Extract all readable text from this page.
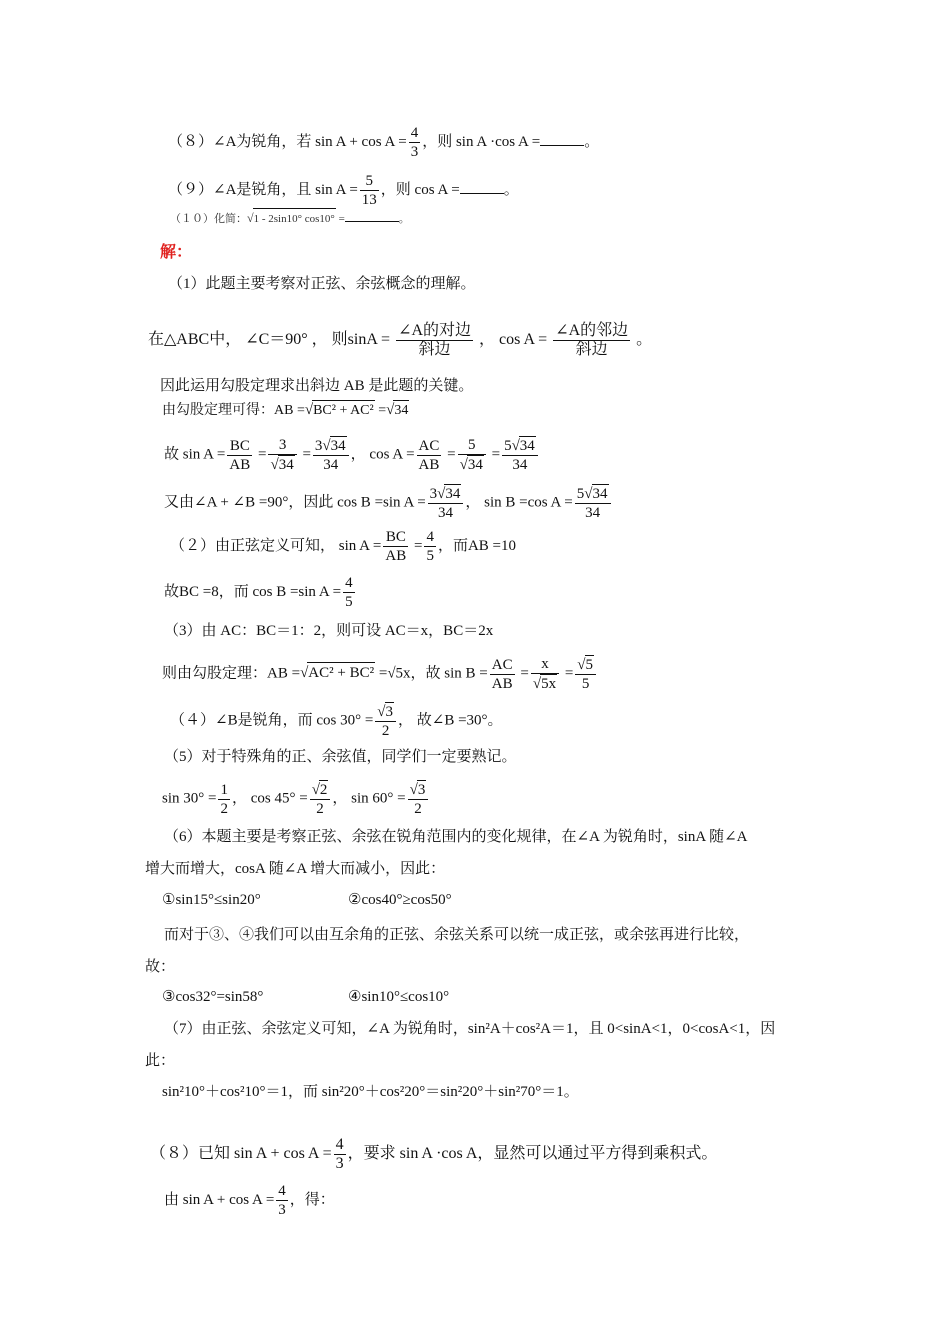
（８）∠A为锐角，若 $\sin A + \cos A = \frac{4}{3}$ ，则 sin A ·cos A =	。
（９）∠A是锐角，且 $\sin A = \frac{5}{13}$ ，则 cos A =	。
（１０）化简：√1 - 2sin10° cos10° =	。
解：
（1）此题主要考察对正弦、余弦概念的理解。
在△ABC中， ∠C＝90° ， 则$\sin A = \frac{\text{∠A的对边}}{\text{斜边}}$ ， $\cos A = \frac{\text{∠A的邻边}}{\text{斜边}}$ 。
因此运用勾股定理求出斜边 AB 是此题的关键。
由勾股定理可得：AB =√BC² + AC² =√34
故 $\sin A = \frac{BC}{AB} = \frac{3}{√34} = \frac{3√34}{34}$ ， $\cos A = \frac{AC}{AB} = \frac{5}{√34} = \frac{5√34}{34}$
又由∠A + ∠B =90°，因此 cos B =sin $A = \frac{3√34}{34}$ ， sin B =cos $A = \frac{5√34}{34}$
（２）由正弦定义可知， $\sin A = \frac{BC}{AB} = \frac{4}{5}$ ，而AB =10
故BC =8，而 cos B =sin $A = \frac{4}{5}$
（3）由 AC：BC＝1：2，则可设 AC＝x，BC＝2x
则由勾股定理：AB =√AC² + BC² =√5x，故 $\sin B = \frac{AC}{AB} = \frac{x}{√5x} = \frac{√5}{5}$
（４）∠B是锐角，而 $\cos 30^\circ = \frac{√3}{2}$ ， 故∠B =30°。
（5）对于特殊角的正、余弦值，同学们一定要熟记。
$\sin 30^\circ = \frac{1}{2}$ ， $\cos 45^\circ = \frac{√2}{2}$ ， $\sin 60^\circ = \frac{√3}{2}$
（6）本题主要是考察正弦、余弦在锐角范围内的变化规律，在∠A 为锐角时，sinA 随∠A
增大而增大，cosA 随∠A 增大而减小，因此：
①sin15°≤sin20°	②cos40°≥cos50°
而对于③、④我们可以由互余角的正弦、余弦关系可以统一成正弦，或余弦再进行比较，
故：
③cos32°=sin58°	④sin10°≤cos10°
（7）由正弦、余弦定义可知，∠A 为锐角时，sin²A＋cos²A＝1，且 0<sinA<1，0<cosA<1，因
此：
sin²10°＋cos²10°＝1，而 sin²20°＋cos²20°＝sin²20°＋sin²70°＝1。
（８）已知 $\sin A + \cos A = \frac{4}{3}$ ，要求 sin A ·cos A，显然可以通过平方得到乘积式。
由 $\sin A + \cos A = \frac{4}{3}$ ，得：
